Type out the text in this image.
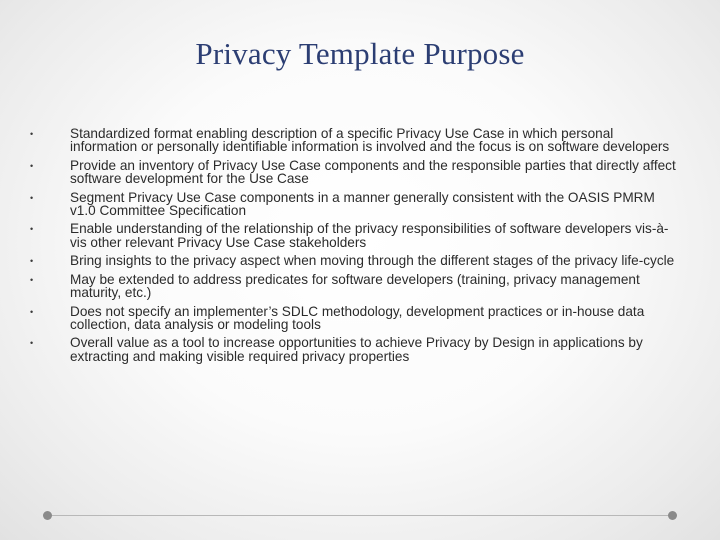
Privacy Template Purpose
•	Standardized format enabling description of a specific Privacy Use Case in which personal information or personally identifiable information is involved and the focus is on software developers
•	Provide an inventory of Privacy Use Case components and the responsible parties that directly affect software development for the Use Case
•	Segment Privacy Use Case components in a manner generally consistent with the OASIS PMRM v1.0 Committee Specification
•	Enable understanding of the relationship of the privacy responsibilities of software developers vis-à-vis other relevant Privacy Use Case stakeholders
•	Bring insights to the privacy aspect when moving through the different stages of the privacy life-cycle
•	May be extended to address predicates for software developers (training, privacy management maturity, etc.)
•	Does not specify an implementer’s SDLC methodology, development practices or in-house data collection, data analysis or modeling tools
•	Overall value as a tool to increase opportunities to achieve Privacy by Design in applications by extracting and making visible required privacy properties
